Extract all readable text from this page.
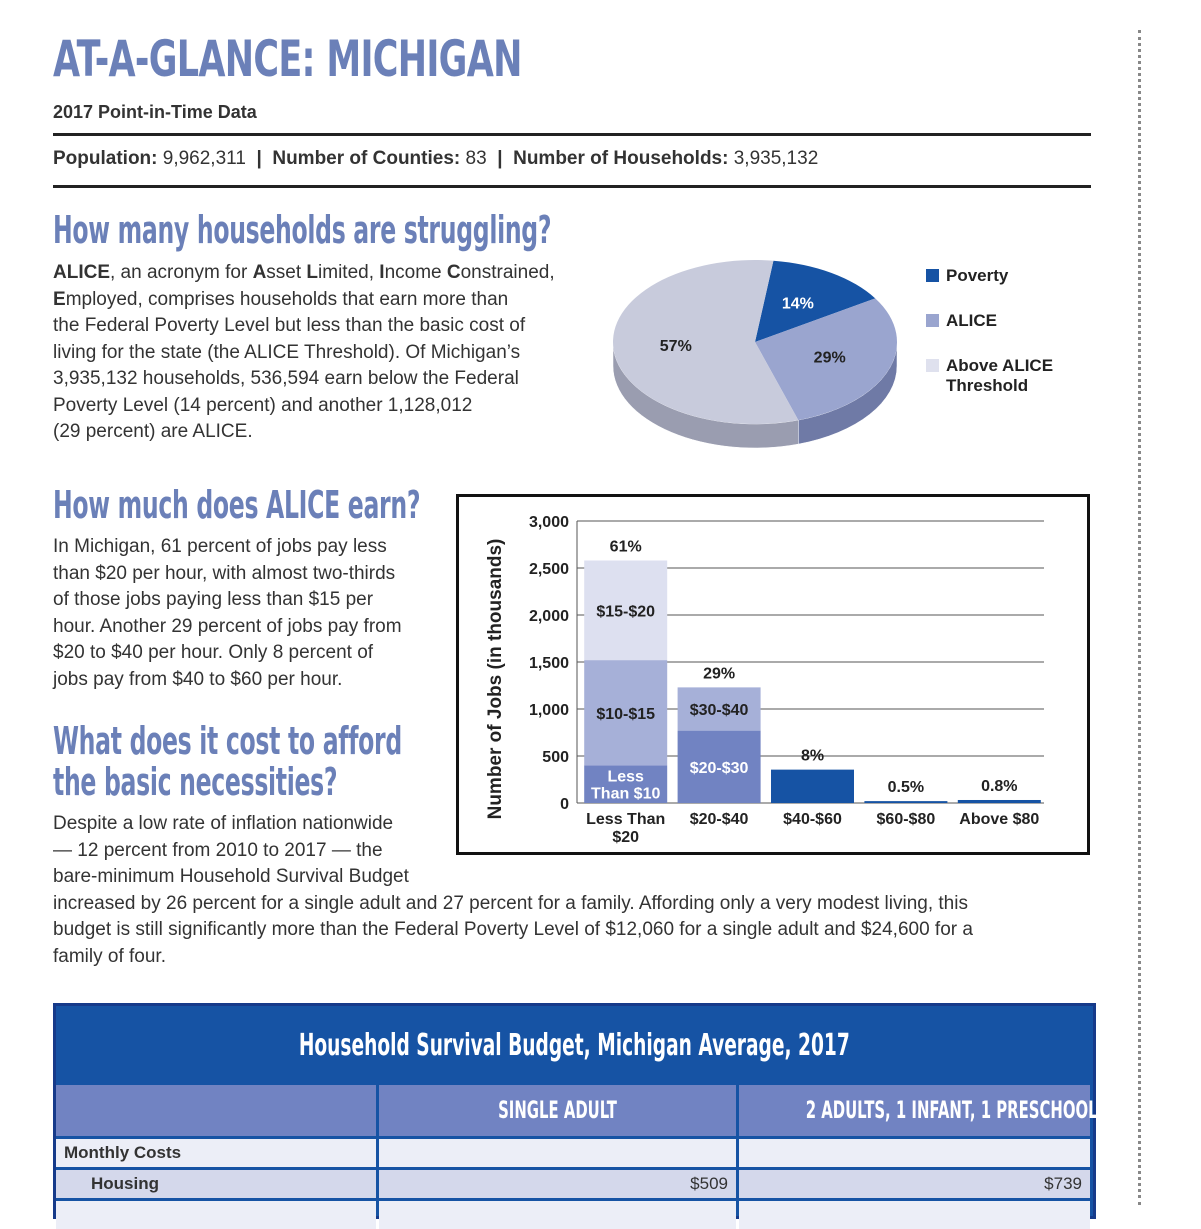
AT-A-GLANCE: MICHIGAN
2017 Point-in-Time Data
Population: 9,962,311 | Number of Counties: 83 | Number of Households: 3,935,132
How many households are struggling?
ALICE, an acronym for Asset Limited, Income Constrained,
Employed, comprises households that earn more than
the Federal Poverty Level but less than the basic cost of
living for the state (the ALICE Threshold). Of Michigan’s
3,935,132 households, 536,594 earn below the Federal
Poverty Level (14 percent) and another 1,128,012
(29 percent) are ALICE.
14%
29%
57%
Poverty
ALICE
Above ALICE
Threshold
How much does ALICE earn?
In Michigan, 61 percent of jobs pay less
than $20 per hour, with almost two-thirds
of those jobs paying less than $15 per
hour. Another 29 percent of jobs pay from
$20 to $40 per hour. Only 8 percent of
jobs pay from $40 to $60 per hour.
What does it cost to afford
the basic necessities?
Despite a low rate of inflation nationwide
— 12 percent from 2010 to 2017 — the
bare-minimum Household Survival Budget
increased by 26 percent for a single adult and 27 percent for a family. Affording only a very modest living, this
budget is still significantly more than the Federal Poverty Level of $12,060 for a single adult and $24,600 for a
family of four.
0
500
1,000
1,500
2,000
2,500
3,000
Less
Than $10
$10-$15
$15-$20
61%
$20-$30
$30-$40
29%
8%
0.5%	0.8%
Less Than
$20
$20-$40 $40-$60 $60-$80 Above $80
Number of Jobs (in thousands)
Household Survival Budget, Michigan Average, 2017
SINGLE ADULT	2 ADULTS, 1 INFANT, 1 PRESCHOOLER
Monthly Costs
Housing	$509	$739
